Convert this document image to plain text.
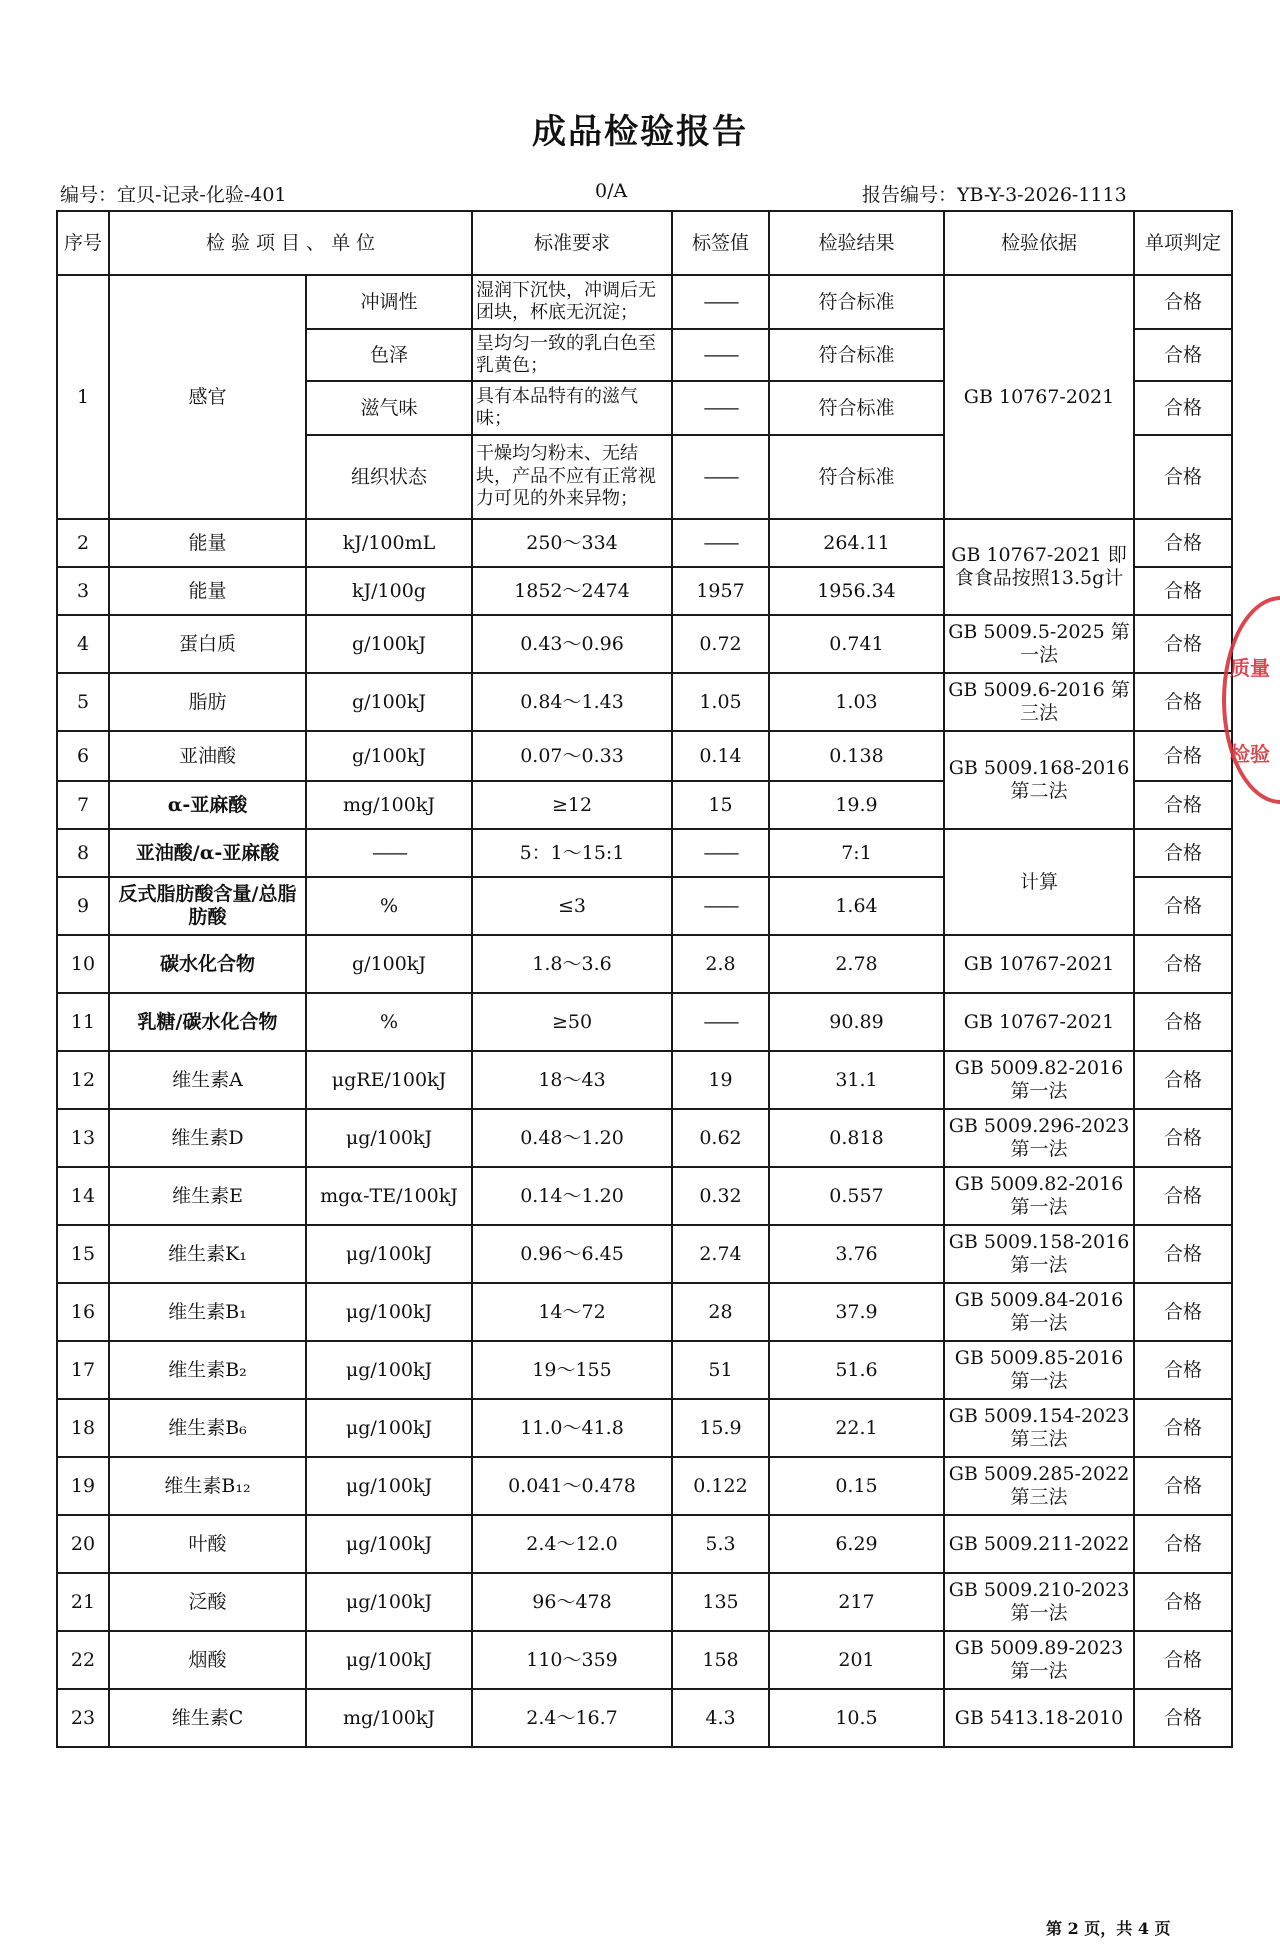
成品检验报告
编号：宜贝-记录-化验-401	0/A	报告编号：YB-Y-3-2026-1113
序号	检 验 项 目 、 单 位		标准要求	标签值	检验结果	检验依据	单项判定
1	感官	冲调性	湿润下沉快，冲调后无团块，杯底无沉淀；	——	符合标准	GB 10767-2021	合格
		色泽	呈均匀一致的乳白色至乳黄色；	——	符合标准		合格
		滋气味	具有本品特有的滋气味；	——	符合标准		合格
		组织状态	干燥均匀粉末、无结块，产品不应有正常视力可见的外来异物；	——	符合标准		合格
2	能量	kJ/100mL	250～334	——	264.11	GB 10767-2021 即食食品按照13.5g计	合格
3	能量	kJ/100g	1852～2474	1957	1956.34		合格
4	蛋白质	g/100kJ	0.43～0.96	0.72	0.741	GB 5009.5-2025 第一法	合格
5	脂肪	g/100kJ	0.84～1.43	1.05	1.03	GB 5009.6-2016 第三法	合格
6	亚油酸	g/100kJ	0.07～0.33	0.14	0.138	GB 5009.168-2016 第二法	合格
7	α-亚麻酸	mg/100kJ	≥12	15	19.9		合格
8	亚油酸/α-亚麻酸	——	5：1～15:1	——	7:1	计算	合格
9	反式脂肪酸含量/总脂肪酸	%	≤3	——	1.64		合格
10	碳水化合物	g/100kJ	1.8～3.6	2.8	2.78	GB 10767-2021	合格
11	乳糖/碳水化合物	%	≥50	——	90.89	GB 10767-2021	合格
12	维生素A	μgRE/100kJ	18～43	19	31.1	GB 5009.82-2016 第一法	合格
13	维生素D	μg/100kJ	0.48～1.20	0.62	0.818	GB 5009.296-2023 第一法	合格
14	维生素E	mgα-TE/100kJ	0.14～1.20	0.32	0.557	GB 5009.82-2016 第一法	合格
15	维生素K₁	μg/100kJ	0.96～6.45	2.74	3.76	GB 5009.158-2016 第一法	合格
16	维生素B₁	μg/100kJ	14～72	28	37.9	GB 5009.84-2016 第一法	合格
17	维生素B₂	μg/100kJ	19～155	51	51.6	GB 5009.85-2016 第一法	合格
18	维生素B₆	μg/100kJ	11.0～41.8	15.9	22.1	GB 5009.154-2023 第三法	合格
19	维生素B₁₂	μg/100kJ	0.041～0.478	0.122	0.15	GB 5009.285-2022 第三法	合格
20	叶酸	μg/100kJ	2.4～12.0	5.3	6.29	GB 5009.211-2022	合格
21	泛酸	μg/100kJ	96～478	135	217	GB 5009.210-2023 第一法	合格
22	烟酸	μg/100kJ	110～359	158	201	GB 5009.89-2023 第一法	合格
23	维生素C	mg/100kJ	2.4～16.7	4.3	10.5	GB 5413.18-2010	合格
质量
检验
第 2 页，共 4 页
